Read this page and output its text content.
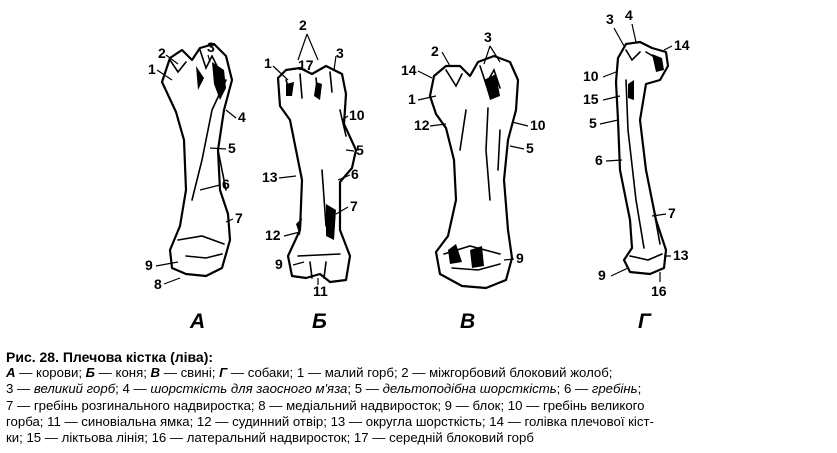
1
2	3
4
5
6
7
9
8
А
2
1 17
3
10
5
13	6
7
12
9
11
Б
2
3
14
1
10
12
5
9
В
3 4
14
10
15
5
6
7
9
13
16
Г
Рис. 28. Плечова кістка (ліва):
А — корови; Б — коня; В — свині; Г — собаки; 1 — малий горб; 2 — міжгорбовий блоковий жолоб;
3 — великий горб; 4 — шорсткість для заосного м'яза; 5 — дельтоподібна шорсткість; 6 — гребінь;
7 — гребінь розгинального надвиростка; 8 — медіальний надвиросток; 9 — блок; 10 — гребінь великого
горба; 11 — синовіальна ямка; 12 — судинний отвір; 13 — округла шорсткість; 14 — голівка плечової кіст-
ки; 15 — ліктьова лінія; 16 — латеральний надвиросток; 17 — середній блоковий горб
